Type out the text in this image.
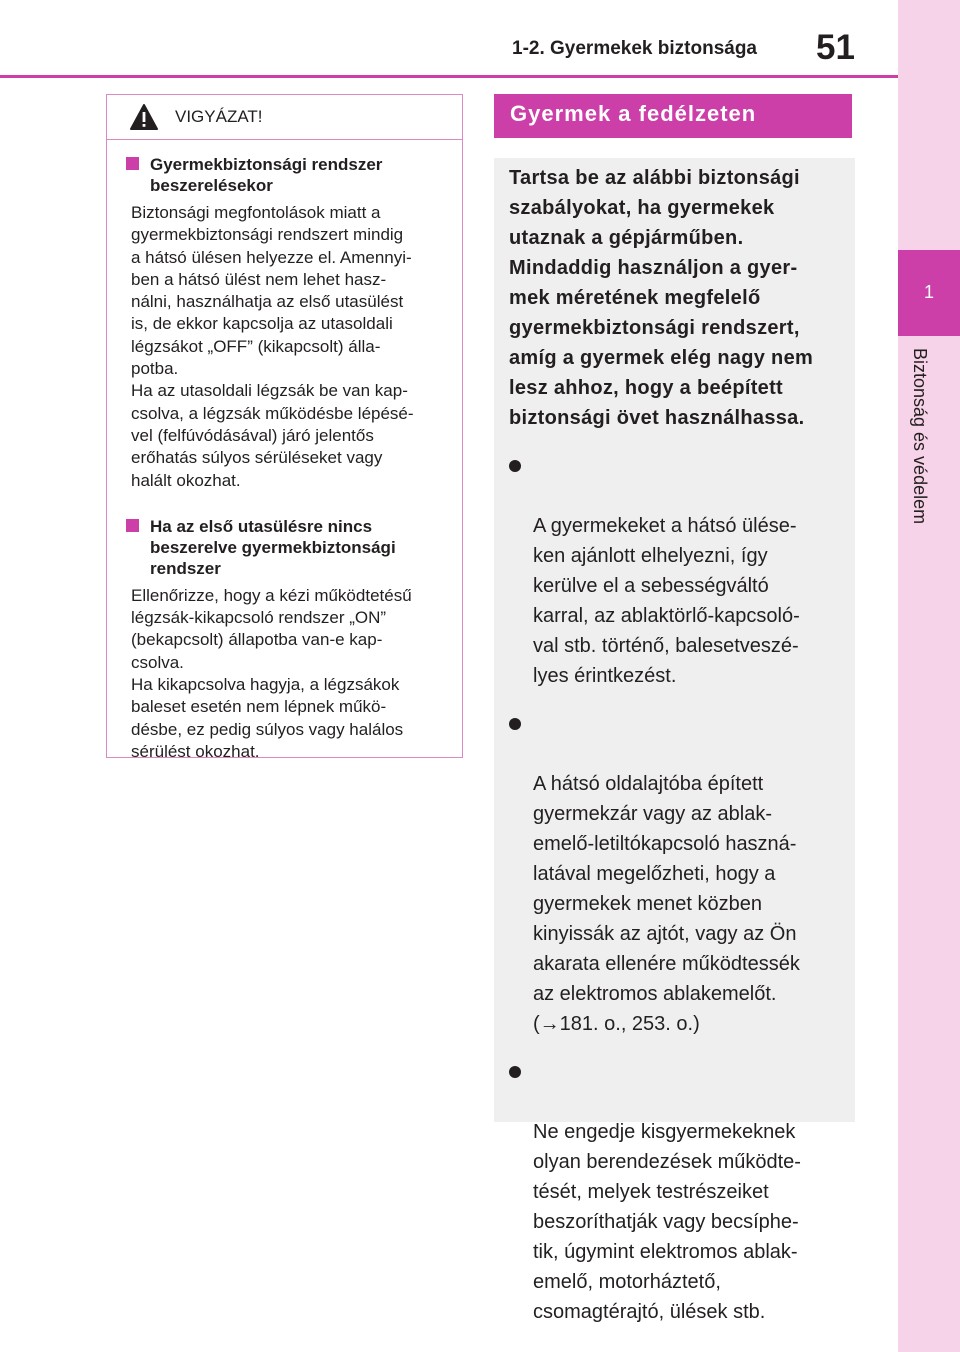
1-2. Gyermekek biztonsága	51
1
Biztonság és védelem
VIGYÁZAT!
Gyermekbiztonsági rendszer
beszerelésekor
Biztonsági megfontolások miatt a
gyermekbiztonsági rendszert mindig
a hátsó ülésen helyezze el. Amennyi-
ben a hátsó ülést nem lehet hasz-
nálni, használhatja az első utasülést
is, de ekkor kapcsolja az utasoldali
légzsákot „OFF” (kikapcsolt) álla-
potba.
Ha az utasoldali légzsák be van kap-
csolva, a légzsák működésbe lépésé-
vel (felfúvódásával) járó jelentős
erőhatás súlyos sérüléseket vagy
halált okozhat.
Ha az első utasülésre nincs
beszerelve gyermekbiztonsági
rendszer
Ellenőrizze, hogy a kézi működtetésű
légzsák-kikapcsoló rendszer „ON”
(bekapcsolt) állapotba van-e kap-
csolva.
Ha kikapcsolva hagyja, a légzsákok
baleset esetén nem lépnek műkö-
désbe, ez pedig súlyos vagy halálos
sérülést okozhat.
Gyermek a fedélzeten
Tartsa be az alábbi biztonsági
szabályokat, ha gyermekek
utaznak a gépjárműben.
Mindaddig használjon a gyer-
mek méretének megfelelő
gyermekbiztonsági rendszert,
amíg a gyermek elég nagy nem
lesz ahhoz, hogy a beépített
biztonsági övet használhassa.

A gyermekeket a hátsó ülése-
ken ajánlott elhelyezni, így
kerülve el a sebességváltó
karral, az ablaktörlő-kapcsoló-
val stb. történő, balesetveszé-
lyes érintkezést.

A hátsó oldalajtóba épített
gyermekzár vagy az ablak-
emelő-letiltókapcsoló haszná-
latával megelőzheti, hogy a
gyermekek menet közben
kinyissák az ajtót, vagy az Ön
akarata ellenére működtessék
az elektromos ablakemelőt.
(→181. o., 253. o.)

Ne engedje kisgyermekeknek
olyan berendezések működte-
tését, melyek testrészeiket
beszoríthatják vagy becsíphe-
tik, úgymint elektromos ablak-
emelő, motorháztető,
csomagtérajtó, ülések stb.
